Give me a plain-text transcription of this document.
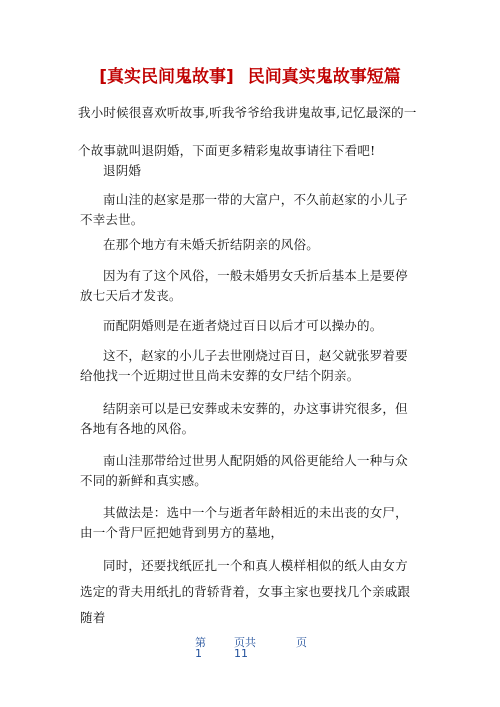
[真实民间鬼故事] 民间真实鬼故事短篇
我小时候很喜欢听故事,听我爷爷给我讲鬼故事,记忆最深的一
个故事就叫退阴婚，下面更多精彩鬼故事请往下看吧!
退阴婚
南山洼的赵家是那一带的大富户，不久前赵家的小儿子不幸去世。
在那个地方有未婚夭折结阴亲的风俗。
因为有了这个风俗，一般未婚男女夭折后基本上是要停放七天后才发丧。
而配阴婚则是在逝者烧过百日以后才可以操办的。
这不，赵家的小儿子去世刚烧过百日，赵父就张罗着要给他找一个近期过世且尚未安葬的女尸结个阴亲。
结阴亲可以是已安葬或未安葬的，办这事讲究很多，但各地有各地的风俗。
南山洼那带给过世男人配阴婚的风俗更能给人一种与众不同的新鲜和真实感。
其做法是：选中一个与逝者年龄相近的未出丧的女尸，由一个背尸匠把她背到男方的墓地，
同时，还要找纸匠扎一个和真人模样相似的纸人由女方选定的背夫用纸扎的背轿背着，女事主家也要找几个亲戚跟随着
第
1
页共
11
页
